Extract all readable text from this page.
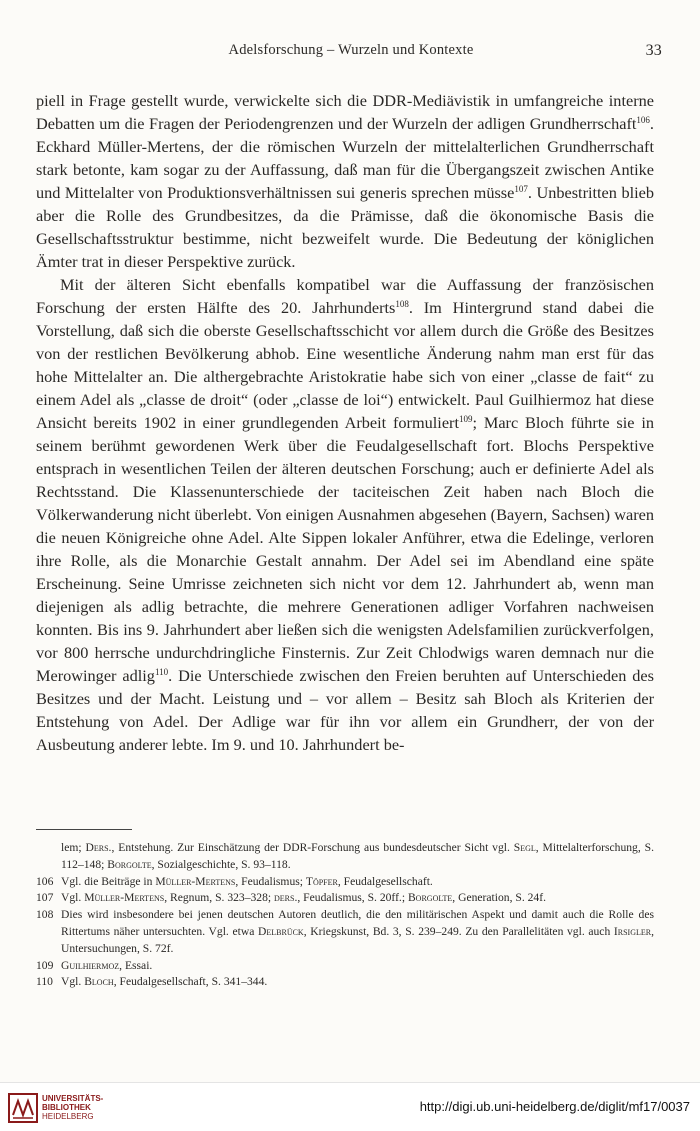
Adelsforschung – Wurzeln und Kontexte	33

piell in Frage gestellt wurde, verwickelte sich die DDR-Mediävistik in umfangreiche interne Debatten um die Fragen der Periodengrenzen und der Wurzeln der adligen Grundherrschaft$^{106}$. Eckhard Müller-Mertens, der die römischen Wurzeln der mittelalterlichen Grundherrschaft stark betonte, kam sogar zu der Auffassung, daß man für die Übergangszeit zwischen Antike und Mittelalter von Produktionsverhältnissen sui generis sprechen müsse$^{107}$. Unbestritten blieb aber die Rolle des Grundbesitzes, da die Prämisse, daß die ökonomische Basis die Gesellschaftsstruktur bestimme, nicht bezweifelt wurde. Die Bedeutung der königlichen Ämter trat in dieser Perspektive zurück.

Mit der älteren Sicht ebenfalls kompatibel war die Auffassung der französischen Forschung der ersten Hälfte des 20. Jahrhunderts$^{108}$. Im Hintergrund stand dabei die Vorstellung, daß sich die oberste Gesellschaftsschicht vor allem durch die Größe des Besitzes von der restlichen Bevölkerung abhob. Eine wesentliche Änderung nahm man erst für das hohe Mittelalter an. Die althergebrachte Aristokratie habe sich von einer „classe de fait“ zu einem Adel als „classe de droit“ (oder „classe de loi“) entwickelt. Paul Guilhiermoz hat diese Ansicht bereits 1902 in einer grundlegenden Arbeit formuliert$^{109}$; Marc Bloch führte sie in seinem berühmt gewordenen Werk über die Feudalgesellschaft fort. Blochs Perspektive entsprach in wesentlichen Teilen der älteren deutschen Forschung; auch er definierte Adel als Rechtsstand. Die Klassenunterschiede der taciteischen Zeit haben nach Bloch die Völkerwanderung nicht überlebt. Von einigen Ausnahmen abgesehen (Bayern, Sachsen) waren die neuen Königreiche ohne Adel. Alte Sippen lokaler Anführer, etwa die Edelinge, verloren ihre Rolle, als die Monarchie Gestalt annahm. Der Adel sei im Abendland eine späte Erscheinung. Seine Umrisse zeichneten sich nicht vor dem 12. Jahrhundert ab, wenn man diejenigen als adlig betrachte, die mehrere Generationen adliger Vorfahren nachweisen konnten. Bis ins 9. Jahrhundert aber ließen sich die wenigsten Adelsfamilien zurückverfolgen, vor 800 herrsche undurchdringliche Finsternis. Zur Zeit Chlodwigs waren demnach nur die Merowinger adlig$^{110}$. Die Unterschiede zwischen den Freien beruhten auf Unterschieden des Besitzes und der Macht. Leistung und – vor allem – Besitz sah Bloch als Kriterien der Entstehung von Adel. Der Adlige war für ihn vor allem ein Grundherr, der von der Ausbeutung anderer lebte. Im 9. und 10. Jahrhundert be-

lem; Ders., Entstehung. Zur Einschätzung der DDR-Forschung aus bundesdeutscher Sicht vgl. Segl, Mittelalterforschung, S. 112–148; Borgolte, Sozialgeschichte, S. 93–118.
106 Vgl. die Beiträge in Müller-Mertens, Feudalismus; Töpfer, Feudalgesellschaft.
107 Vgl. Müller-Mertens, Regnum, S. 323–328; ders., Feudalismus, S. 20ff.; Borgolte, Generation, S. 24f.
108 Dies wird insbesondere bei jenen deutschen Autoren deutlich, die den militärischen Aspekt und damit auch die Rolle des Rittertums näher untersuchten. Vgl. etwa Delbrück, Kriegskunst, Bd. 3, S. 239–249. Zu den Parallelitäten vgl. auch Irsigler, Untersuchungen, S. 72f.
109 Guilhiermoz, Essai.
110 Vgl. Bloch, Feudalgesellschaft, S. 341–344.
UNIVERSITÄTS-
BIBLIOTHEK
HEIDELBERG
http://digi.ub.uni-heidelberg.de/diglit/mf17/0037
